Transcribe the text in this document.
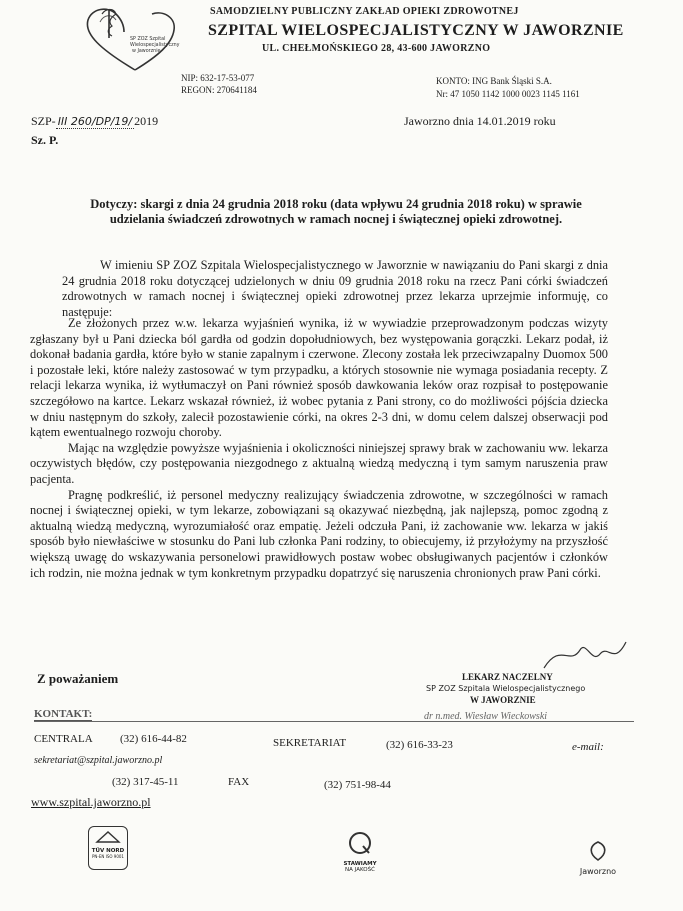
SP ZOZ Szpital
Wielospecjalistyczny
w Jaworznie
SAMODZIELNY PUBLICZNY ZAKŁAD OPIEKI ZDROWOTNEJ
SZPITAL WIELOSPECJALISTYCZNY W JAWORZNIE
UL. CHEŁMOŃSKIEGO 28, 43-600 JAWORZNO
NIP: 632-17-53-077
REGON: 270641184
KONTO: ING Bank Śląski S.A.
Nr: 47 1050 1142 1000 0023 1145 1161
SZP- III 260/DP/19/ 2019	Jaworzno dnia 14.01.2019 roku
Sz. P.
Dotyczy: skargi z dnia 24 grudnia 2018 roku (data wpływu 24 grudnia 2018 roku) w sprawie udzielania świadczeń zdrowotnych w ramach nocnej i świątecznej opieki zdrowotnej.

W imieniu SP ZOZ Szpitala Wielospecjalistycznego w Jaworznie w nawiązaniu do Pani skargi z dnia 24 grudnia 2018 roku dotyczącej udzielonych w dniu 09 grudnia 2018 roku na rzecz Pani córki świadczeń zdrowotnych w ramach nocnej i świątecznej opieki zdrowotnej przez lekarza uprzejmie informuję, co następuje:

Ze złożonych przez w.w. lekarza wyjaśnień wynika, iż w wywiadzie przeprowadzonym podczas wizyty zgłaszany był u Pani dziecka ból gardła od godzin dopołudniowych, bez występowania gorączki. Lekarz podał, iż dokonał badania gardła, które było w stanie zapalnym i czerwone. Zlecony została lek przeciwzapalny Duomox 500 i pozostałe leki, które należy zastosować w tym przypadku, a których stosownie nie wymaga posiadania recepty. Z relacji lekarza wynika, iż wytłumaczył on Pani również sposób dawkowania leków oraz rozpisał to postępowanie szczegółowo na kartce. Lekarz wskazał również, iż wobec pytania z Pani strony, co do możliwości pójścia dziecka w dniu następnym do szkoły, zalecił pozostawienie córki, na okres 2-3 dni, w domu celem dalszej obserwacji pod kątem ewentualnego rozwoju choroby.

Mając na względzie powyższe wyjaśnienia i okoliczności niniejszej sprawy brak w zachowaniu ww. lekarza oczywistych błędów, czy postępowania niezgodnego z aktualną wiedzą medyczną i tym samym naruszenia praw pacjenta.

Pragnę podkreślić, iż personel medyczny realizujący świadczenia zdrowotne, w szczególności w ramach nocnej i świątecznej opieki, w tym lekarze, zobowiązani są okazywać niezbędną, jak najlepszą, pomoc zgodną z aktualną wiedzą medyczną, wyrozumiałość oraz empatię. Jeżeli odczuła Pani, iż zachowanie ww. lekarza w jakiś sposób było niewłaściwe w stosunku do Pani lub członka Pani rodziny, to obiecujemy, iż przyłożymy na przyszłość większą uwagę do wskazywania personelowi prawidłowych postaw wobec obsługiwanych pacjentów i członków ich rodzin, nie można jednak w tym konkretnym przypadku dopatrzyć się naruszenia chronionych praw Pani córki.

Z poważaniem	LEKARZ NACZELNY
SP ZOZ Szpitala Wielospecjalistycznego
W JAWORZNIE
dr n.med. Wiesław Wieckowski
KONTAKT:
CENTRALA (32) 616-44-82	SEKRETARIAT	(32) 616-33-23	e-mail:
sekretariat@szpital.jaworzno.pl
(32) 317-45-11	FAX	(32) 751-98-44
www.szpital.jaworzno.pl
TÜV NORD
PN-EN ISO 9001
STAWIAMY
NA JAKOŚĆ	Jaworzno
